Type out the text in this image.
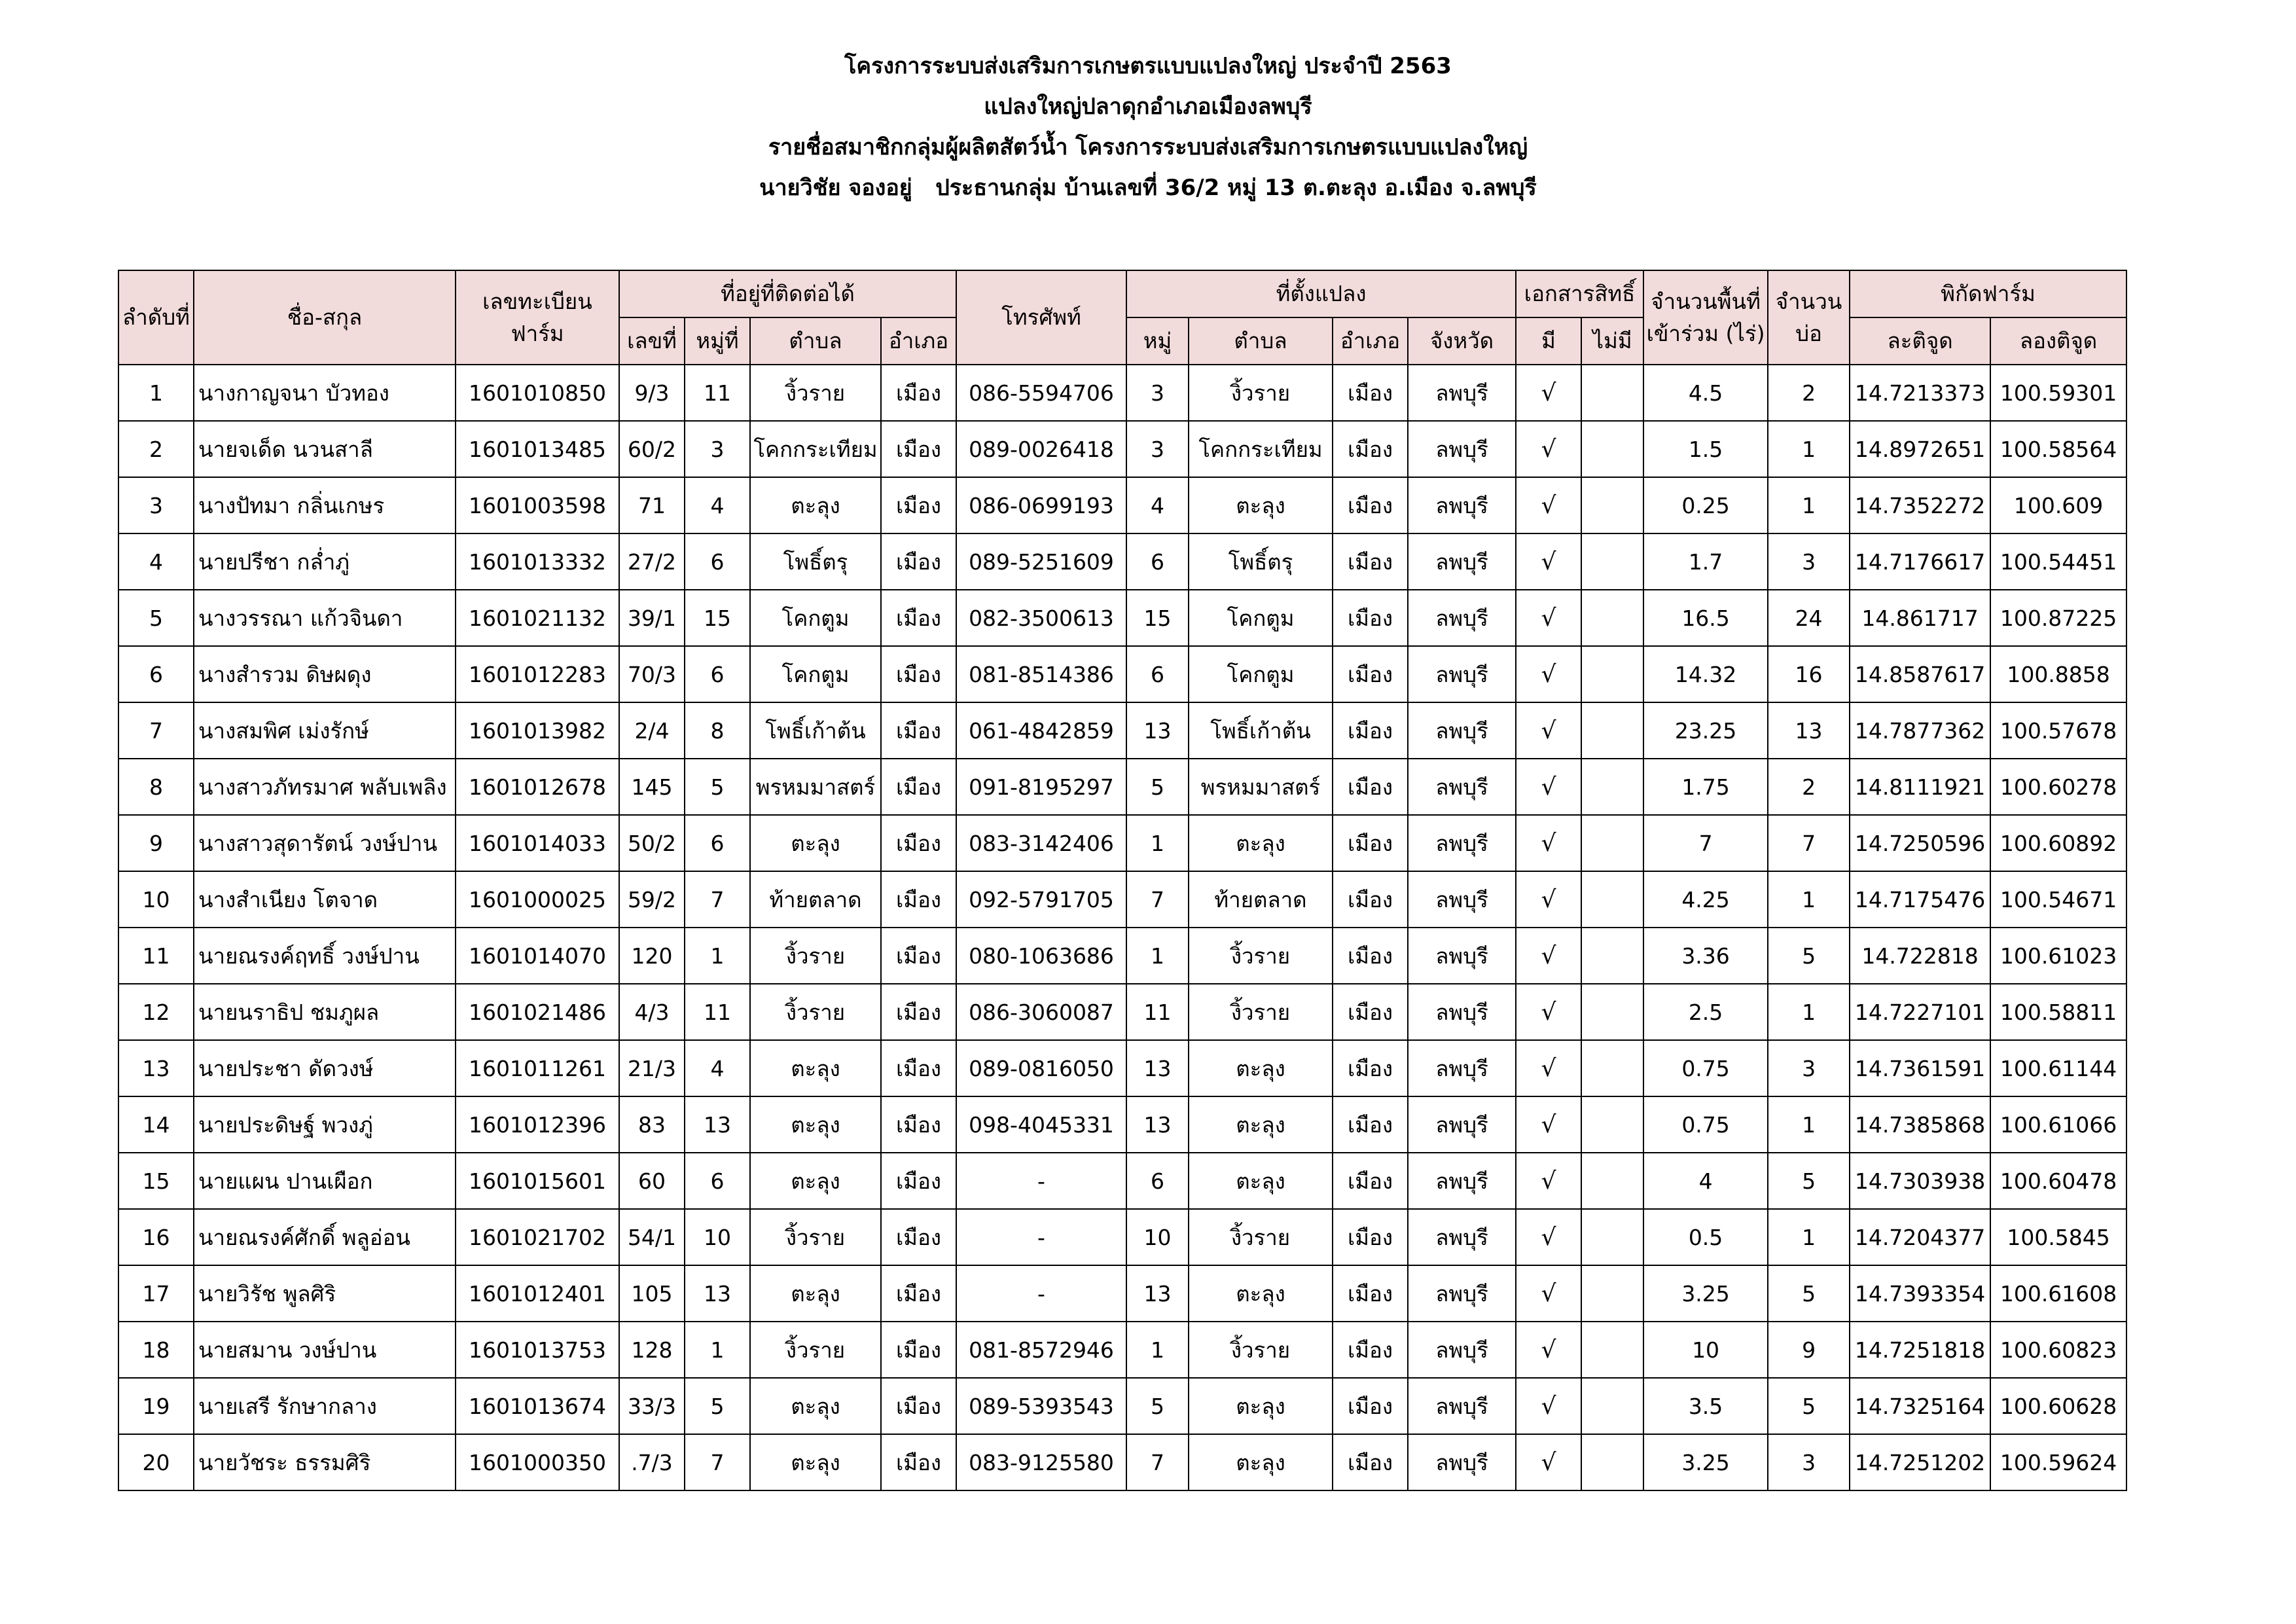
โครงการระบบส่งเสริมการเกษตรแบบแปลงใหญ่ ประจำปี 2563
แปลงใหญ่ปลาดุกอำเภอเมืองลพบุรี
รายชื่อสมาชิกกลุ่มผู้ผลิตสัตว์น้ำ โครงการระบบส่งเสริมการเกษตรแบบแปลงใหญ่
นายวิชัย จองอยู่   ประธานกลุ่ม บ้านเลขที่ 36/2 หมู่ 13 ต.ตะลุง อ.เมือง จ.ลพบุรี
ลำดับที่	ชื่อ-สกุล	เลขทะเบียนฟาร์ม	ที่อยู่ที่ติดต่อได้				โทรศัพท์	ที่ตั้งแปลง				เอกสารสิทธิ์		จำนวนพื้นที่เข้าร่วม (ไร่)	จำนวนบ่อ	พิกัดฟาร์ม	
			เลขที่	หมู่ที่	ตำบล	อำเภอ		หมู่	ตำบล	อำเภอ	จังหวัด	มี	ไม่มี			ละติจูด	ลองติจูด
1	นางกาญจนา บัวทอง	1601010850	9/3	11	งิ้วราย	เมือง	086-5594706	3	งิ้วราย	เมือง	ลพบุรี	√		4.5	2	14.7213373	100.59301
2	นายจเด็ด นวนสาลี	1601013485	60/2	3	โคกกระเทียม	เมือง	089-0026418	3	โคกกระเทียม	เมือง	ลพบุรี	√		1.5	1	14.8972651	100.58564
3	นางปัทมา กลิ่นเกษร	1601003598	71	4	ตะลุง	เมือง	086-0699193	4	ตะลุง	เมือง	ลพบุรี	√		0.25	1	14.7352272	100.609
4	นายปรีชา กล่ำภู่	1601013332	27/2	6	โพธิ์ตรุ	เมือง	089-5251609	6	โพธิ์ตรุ	เมือง	ลพบุรี	√		1.7	3	14.7176617	100.54451
5	นางวรรณา แก้วจินดา	1601021132	39/1	15	โคกตูม	เมือง	082-3500613	15	โคกตูม	เมือง	ลพบุรี	√		16.5	24	14.861717	100.87225
6	นางสำรวม ดิษผดุง	1601012283	70/3	6	โคกตูม	เมือง	081-8514386	6	โคกตูม	เมือง	ลพบุรี	√		14.32	16	14.8587617	100.8858
7	นางสมพิศ เม่งรักษ์	1601013982	2/4	8	โพธิ์เก้าต้น	เมือง	061-4842859	13	โพธิ์เก้าต้น	เมือง	ลพบุรี	√		23.25	13	14.7877362	100.57678
8	นางสาวภัทรมาศ พลับเพลิง	1601012678	145	5	พรหมมาสตร์	เมือง	091-8195297	5	พรหมมาสตร์	เมือง	ลพบุรี	√		1.75	2	14.8111921	100.60278
9	นางสาวสุดารัตน์ วงษ์ปาน	1601014033	50/2	6	ตะลุง	เมือง	083-3142406	1	ตะลุง	เมือง	ลพบุรี	√		7	7	14.7250596	100.60892
10	นางสำเนียง โตจาด	1601000025	59/2	7	ท้ายตลาด	เมือง	092-5791705	7	ท้ายตลาด	เมือง	ลพบุรี	√		4.25	1	14.7175476	100.54671
11	นายณรงค์ฤทธิ์ วงษ์ปาน	1601014070	120	1	งิ้วราย	เมือง	080-1063686	1	งิ้วราย	เมือง	ลพบุรี	√		3.36	5	14.722818	100.61023
12	นายนราธิป ชมภูผล	1601021486	4/3	11	งิ้วราย	เมือง	086-3060087	11	งิ้วราย	เมือง	ลพบุรี	√		2.5	1	14.7227101	100.58811
13	นายประชา ดัดวงษ์	1601011261	21/3	4	ตะลุง	เมือง	089-0816050	13	ตะลุง	เมือง	ลพบุรี	√		0.75	3	14.7361591	100.61144
14	นายประดิษฐ์ พวงภู่	1601012396	83	13	ตะลุง	เมือง	098-4045331	13	ตะลุง	เมือง	ลพบุรี	√		0.75	1	14.7385868	100.61066
15	นายแผน ปานเผือก	1601015601	60	6	ตะลุง	เมือง	-	6	ตะลุง	เมือง	ลพบุรี	√		4	5	14.7303938	100.60478
16	นายณรงค์ศักดิ์ พลูอ่อน	1601021702	54/1	10	งิ้วราย	เมือง	-	10	งิ้วราย	เมือง	ลพบุรี	√		0.5	1	14.7204377	100.5845
17	นายวิรัช พูลศิริ	1601012401	105	13	ตะลุง	เมือง	-	13	ตะลุง	เมือง	ลพบุรี	√		3.25	5	14.7393354	100.61608
18	นายสมาน วงษ์ปาน	1601013753	128	1	งิ้วราย	เมือง	081-8572946	1	งิ้วราย	เมือง	ลพบุรี	√		10	9	14.7251818	100.60823
19	นายเสรี รักษากลาง	1601013674	33/3	5	ตะลุง	เมือง	089-5393543	5	ตะลุง	เมือง	ลพบุรี	√		3.5	5	14.7325164	100.60628
20	นายวัชระ ธรรมศิริ	1601000350	.7/3	7	ตะลุง	เมือง	083-9125580	7	ตะลุง	เมือง	ลพบุรี	√		3.25	3	14.7251202	100.59624
